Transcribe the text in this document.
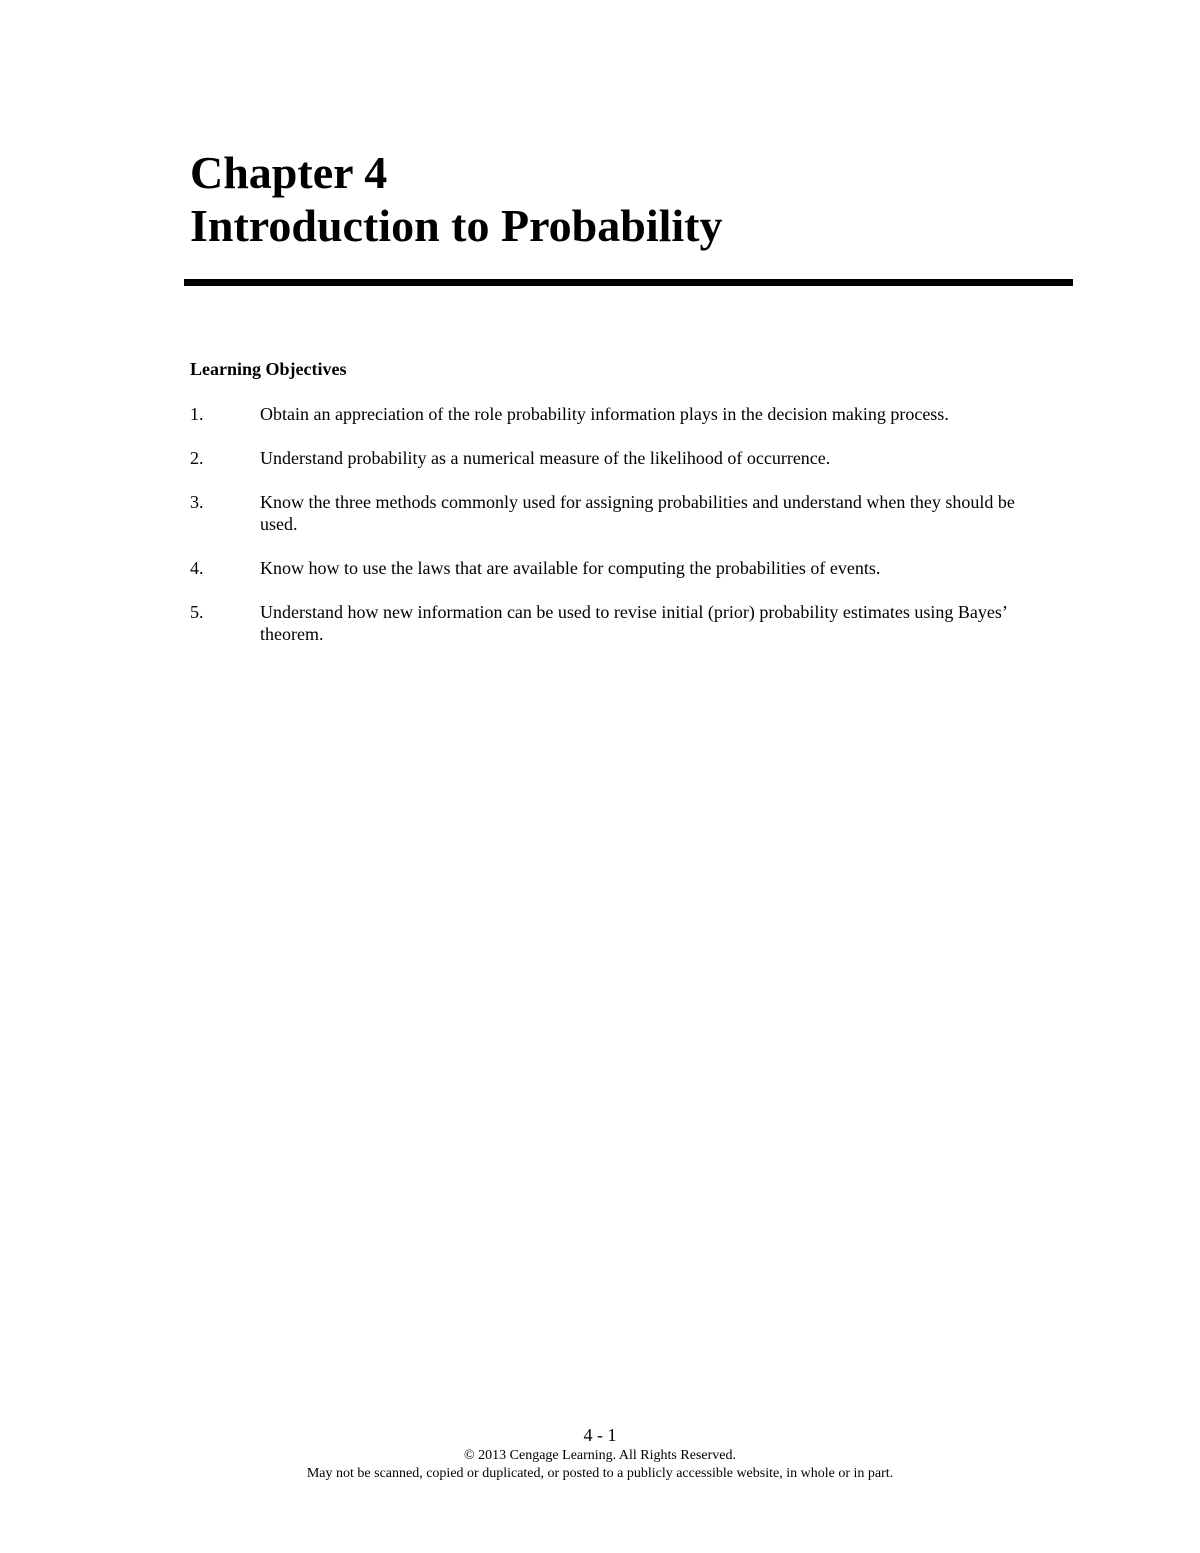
Chapter 4
Introduction to Probability
Learning Objectives
1.	Obtain an appreciation of the role probability information plays in the decision making process.
2.	Understand probability as a numerical measure of the likelihood of occurrence.
3.	Know the three methods commonly used for assigning probabilities and understand when they should be used.
4.	Know how to use the laws that are available for computing the probabilities of events.
5.	Understand how new information can be used to revise initial (prior) probability estimates using Bayes’ theorem.
4 - 1
© 2013 Cengage Learning. All Rights Reserved.
May not be scanned, copied or duplicated, or posted to a publicly accessible website, in whole or in part.
